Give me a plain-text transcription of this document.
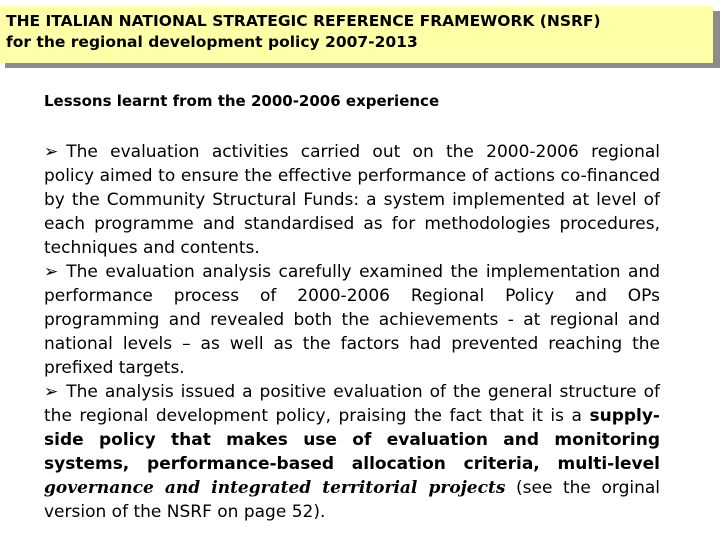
THE ITALIAN NATIONAL STRATEGIC REFERENCE FRAMEWORK (NSRF)
for the regional development policy 2007-2013
Lessons learnt from the 2000-2006 experience

➢ The evaluation activities carried out on the 2000-2006 regional policy aimed to ensure the effective performance of actions co-financed by the Community Structural Funds: a system implemented at level of each programme and standardised as for methodologies procedures, techniques and contents.

➢ The evaluation analysis carefully examined the implementation and performance process of 2000-2006 Regional Policy and OPs programming and revealed both the achievements - at regional and national levels – as well as the factors had prevented reaching the prefixed targets.

➢ The analysis issued a positive evaluation of the general structure of the regional development policy, praising the fact that it is a supply-side policy that makes use of evaluation and monitoring systems, performance-based allocation criteria, multi-level governance and integrated territorial projects (see the orginal version of the NSRF on page 52).
